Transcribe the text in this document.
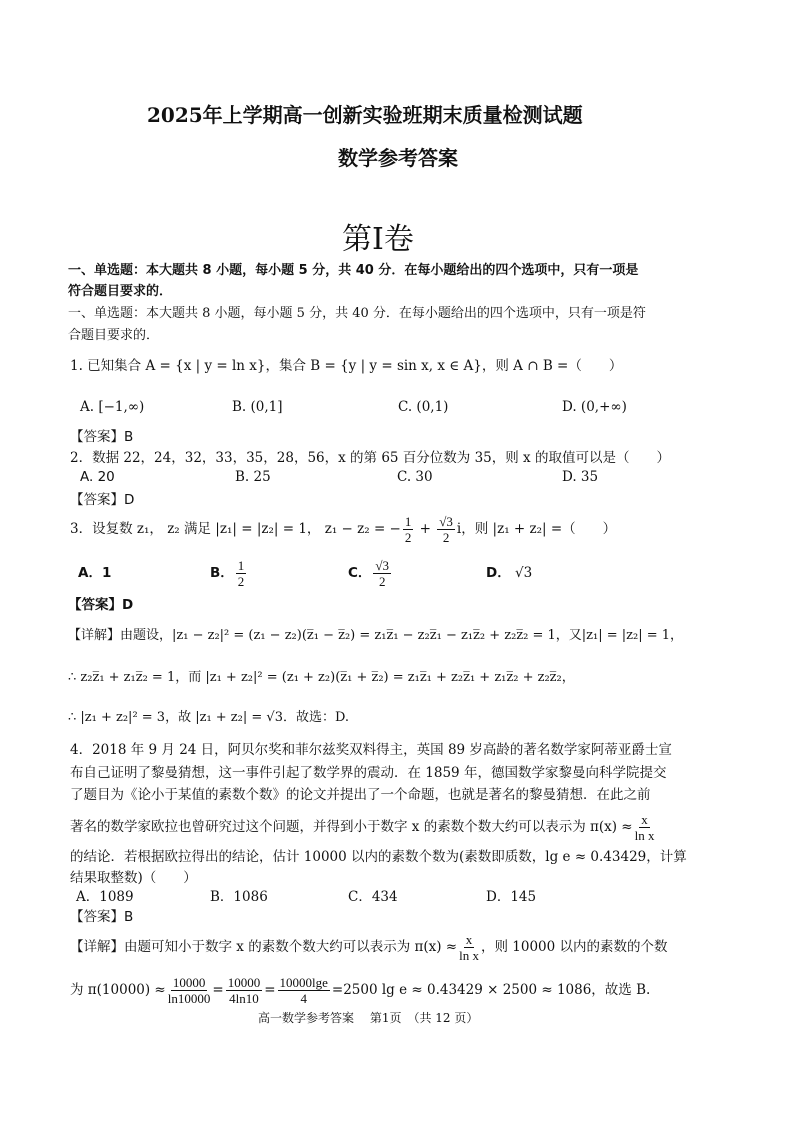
2025年上学期高一创新实验班期末质量检测试题
数学参考答案
第I卷
一、单选题：本大题共 8 小题，每小题 5 分，共 40 分．在每小题给出的四个选项中，只有一项是
符合题目要求的．
一、单选题：本大题共 8 小题，每小题 5 分，共 40 分．在每小题给出的四个选项中，只有一项是符
合题目要求的．
1. 已知集合 A = {x | y = ln x}，集合 B = {y | y = sin x, x ∈ A}，则 A ∩ B =（　　）
A. [−1,∞)	B. (0,1]	C. (0,1)	D. (0,+∞)
【答案】B
2．数据 22，24，32，33，35，28，56，x 的第 65 百分位数为 35，则 x 的取值可以是（　　）
A. 20	B. 25	C. 30	D. 35
【答案】D
3．设复数 z₁， z₂ 满足 |z₁| = |z₂| = 1， z₁ − z₂ = − $\frac{1}{2} + \frac{√3}{2}$ i，则 |z₁ + z₂| =（　　）
A．1	B． $\frac{1}{2}$	C． $\frac{√3}{2}$	D． √3
【答案】D
【详解】由题设，|z₁ − z₂|² = (z₁ − z₂)(z̅₁ − z̅₂) = z₁z̅₁ − z₂z̅₁ − z₁z̅₂ + z₂z̅₂ = 1，又|z₁| = |z₂| = 1，
∴ z₂z̅₁ + z₁z̅₂ = 1，而 |z₁ + z₂|² = (z₁ + z₂)(z̅₁ + z̅₂) = z₁z̅₁ + z₂z̅₁ + z₁z̅₂ + z₂z̅₂，
∴ |z₁ + z₂|² = 3，故 |z₁ + z₂| = √3．故选：D.
4．2018 年 9 月 24 日，阿贝尔奖和菲尔兹奖双料得主，英国 89 岁高龄的著名数学家阿蒂亚爵士宣
布自己证明了黎曼猜想，这一事件引起了数学界的震动．在 1859 年，德国数学家黎曼向科学院提交
了题目为《论小于某值的素数个数》的论文并提出了一个命题，也就是著名的黎曼猜想．在此之前
著名的数学家欧拉也曾研究过这个问题，并得到小于数字 x 的素数个数大约可以表示为 $\pi(x) \approx \frac{x}{\text{ln x}}$
的结论．若根据欧拉得出的结论，估计 10000 以内的素数个数为(素数即质数，lg e ≈ 0.43429，计算
结果取整数)（　　）
A．1089	B．1086	C．434	D．145
【答案】B
【详解】由题可知小于数字 x 的素数个数大约可以表示为 $\pi(x) \approx \frac{x}{\text{ln x}}$ ，则 10000 以内的素数的个数
为 $\pi(10000) \approx \frac{10000}{\ln 10000} = \frac{10000}{4\ln 10} = \frac{10000\lg e}{4} =2500$ lg e ≈ 0.43429 × 2500 ≈ 1086，故选 B.
高一数学参考答案　 第1页　（共 12 页）
